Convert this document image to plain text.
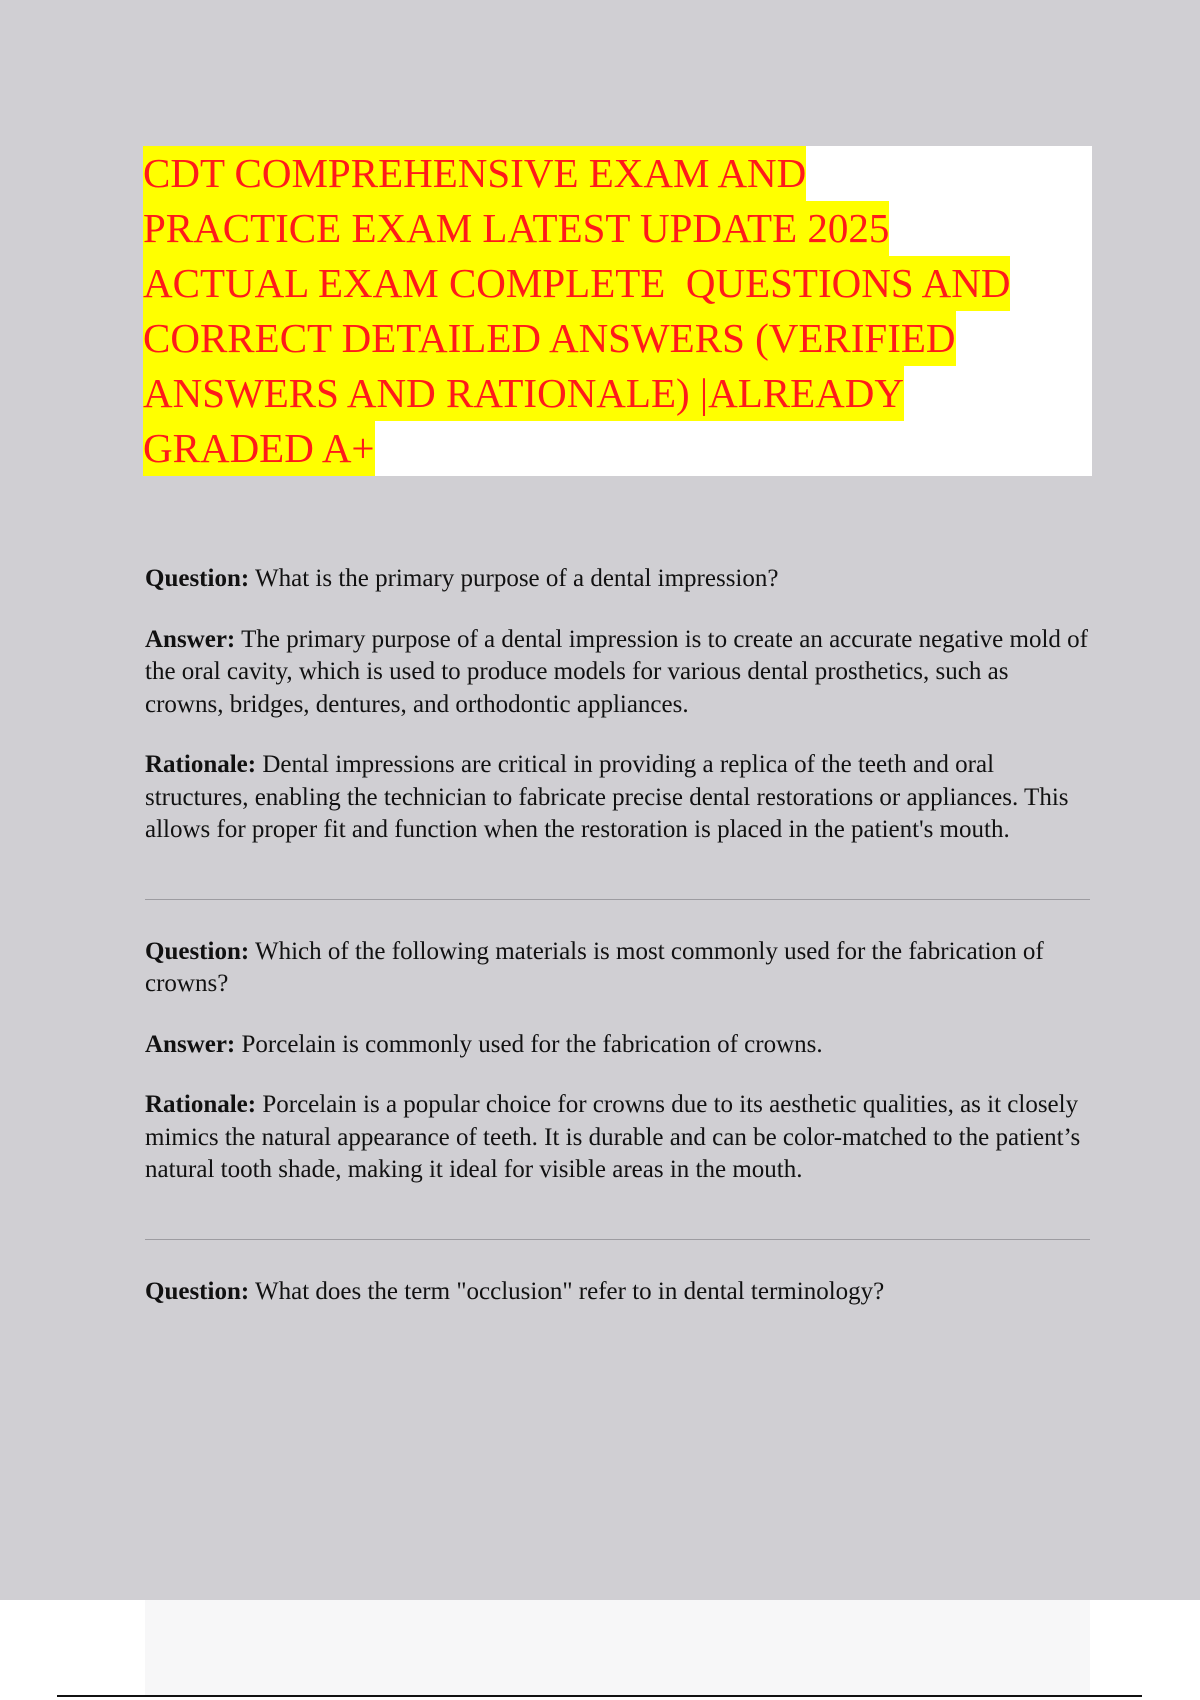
CDT COMPREHENSIVE EXAM AND
PRACTICE EXAM LATEST UPDATE 2025
ACTUAL EXAM COMPLETE  QUESTIONS AND
CORRECT DETAILED ANSWERS (VERIFIED
ANSWERS AND RATIONALE) |ALREADY
GRADED A+

Question: What is the primary purpose of a dental impression?

Answer: The primary purpose of a dental impression is to create an accurate negative mold of the oral cavity, which is used to produce models for various dental prosthetics, such as crowns, bridges, dentures, and orthodontic appliances.

Rationale: Dental impressions are critical in providing a replica of the teeth and oral structures, enabling the technician to fabricate precise dental restorations or appliances. This allows for proper fit and function when the restoration is placed in the patient's mouth.

Question: Which of the following materials is most commonly used for the fabrication of crowns?

Answer: Porcelain is commonly used for the fabrication of crowns.

Rationale: Porcelain is a popular choice for crowns due to its aesthetic qualities, as it closely mimics the natural appearance of teeth. It is durable and can be color-matched to the patient’s natural tooth shade, making it ideal for visible areas in the mouth.

Question: What does the term "occlusion" refer to in dental terminology?
